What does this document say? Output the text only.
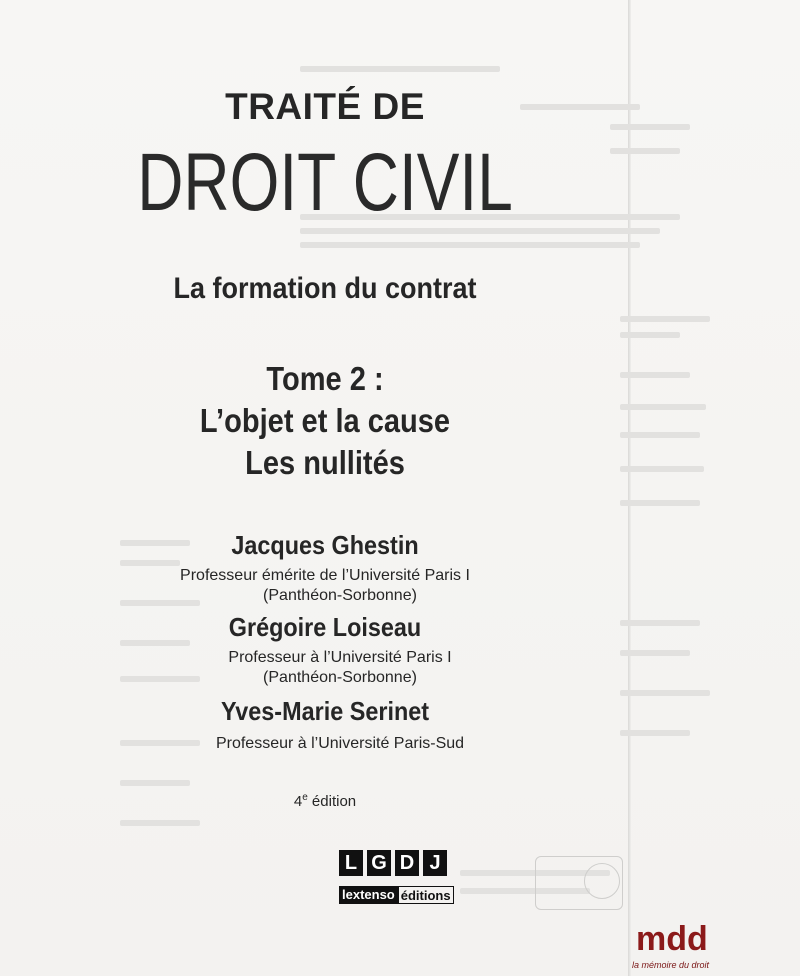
TRAITÉ DE
DROIT CIVIL
La formation du contrat
Tome 2 :
L’objet et la cause
Les nullités
Jacques Ghestin
Professeur émérite de l’Université Paris I
(Panthéon-Sorbonne)
Grégoire Loiseau
Professeur à l’Université Paris I
(Panthéon-Sorbonne)
Yves-Marie Serinet
Professeur à l’Université Paris-Sud
4e édition
L G D J
lextenso éditions
mdd
la mémoire du droit
